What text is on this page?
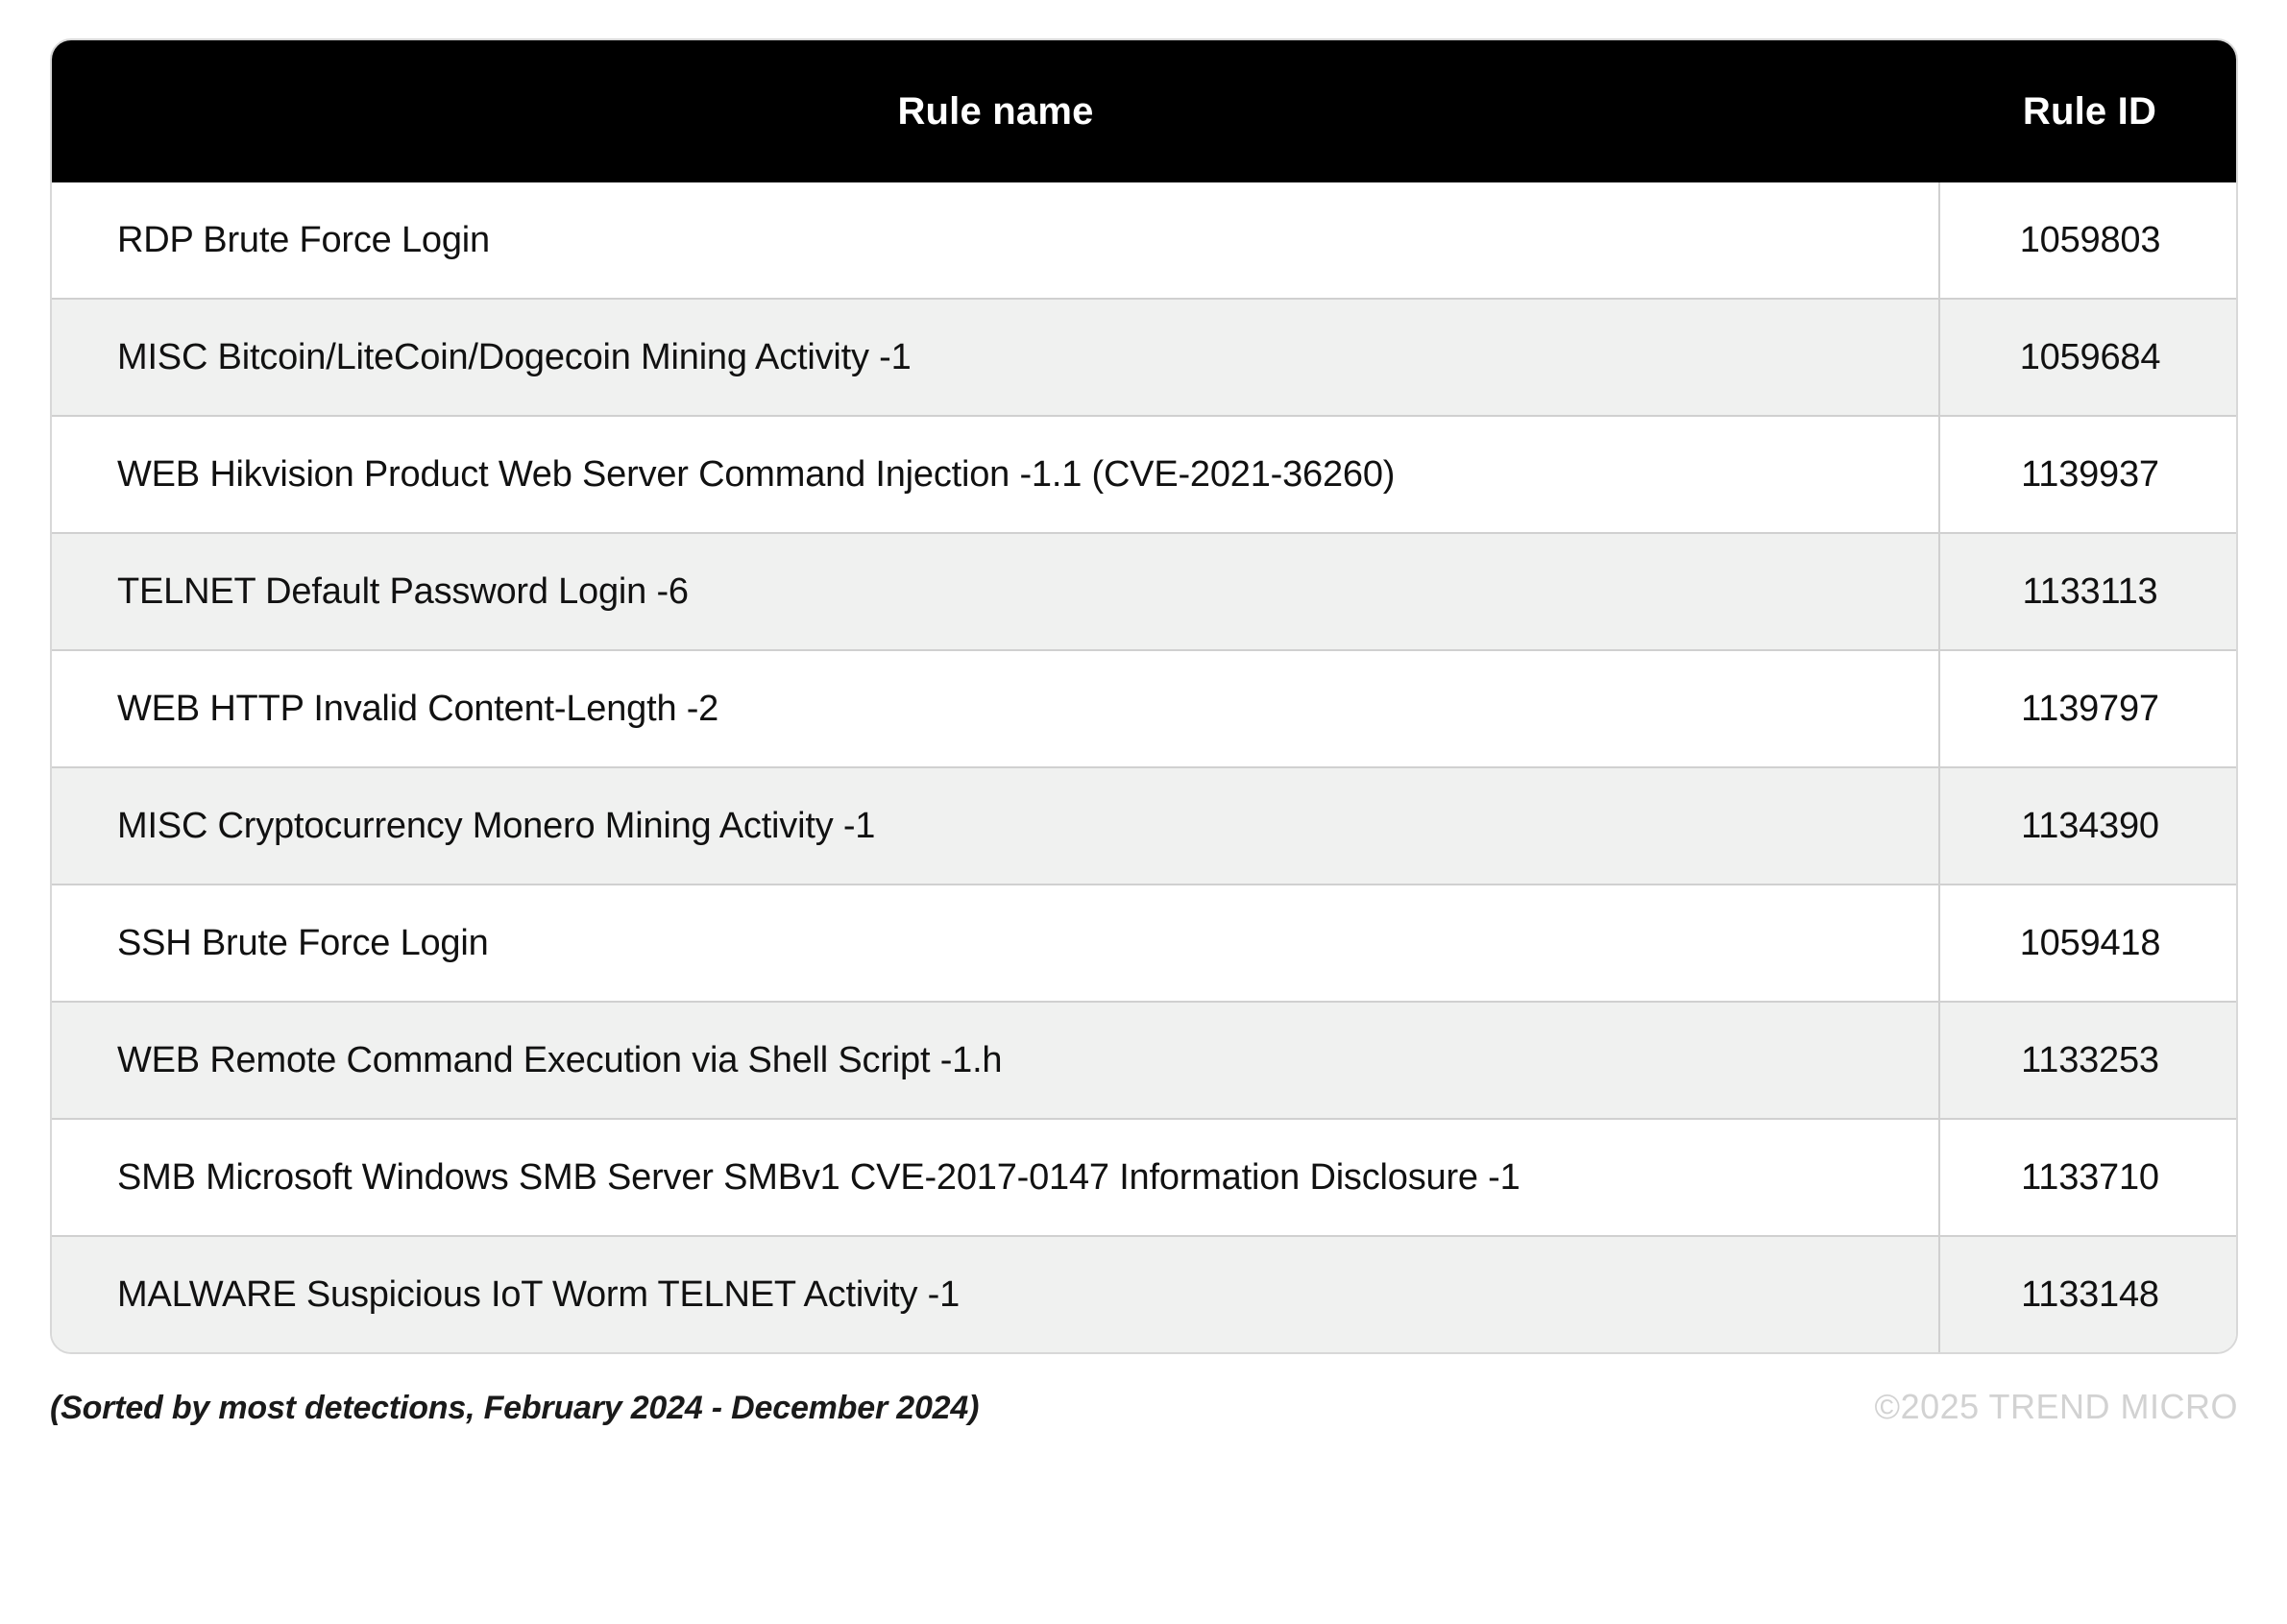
Rule name	Rule ID
RDP Brute Force Login	1059803
MISC Bitcoin/LiteCoin/Dogecoin Mining Activity -1	1059684
WEB Hikvision Product Web Server Command Injection -1.1 (CVE-2021-36260)	1139937
TELNET Default Password Login -6	1133113
WEB HTTP Invalid Content-Length -2	1139797
MISC Cryptocurrency Monero Mining Activity -1	1134390
SSH Brute Force Login	1059418
WEB Remote Command Execution via Shell Script -1.h	1133253
SMB Microsoft Windows SMB Server SMBv1 CVE-2017-0147 Information Disclosure -1	1133710
MALWARE Suspicious IoT Worm TELNET Activity -1	1133148
(Sorted by most detections, February 2024 - December 2024)	©2025 TREND MICRO
